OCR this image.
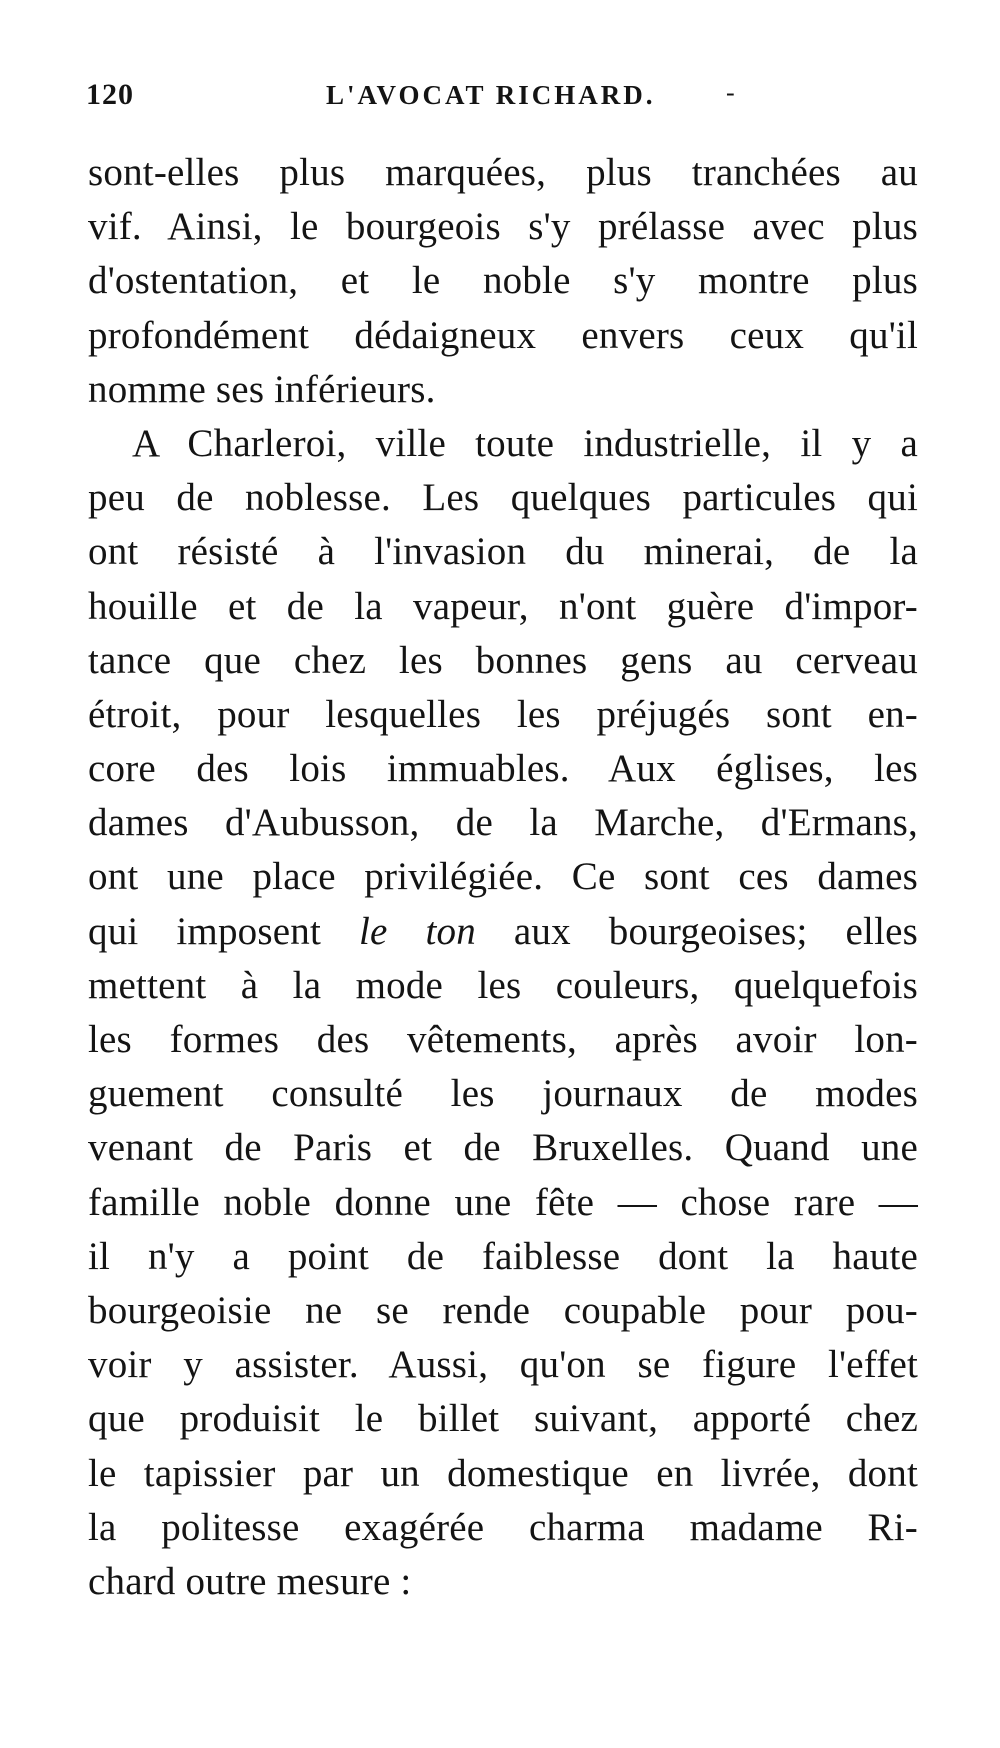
120	L'AVOCAT RICHARD.	-
sont-elles plus marquées, plus tranchées au
vif. Ainsi, le bourgeois s'y prélasse avec plus
d'ostentation, et le noble s'y montre plus
profondément dédaigneux envers ceux qu'il
nomme ses inférieurs.
A Charleroi, ville toute industrielle, il y a
peu de noblesse. Les quelques particules qui
ont résisté à l'invasion du minerai, de la
houille et de la vapeur, n'ont guère d'impor-
tance que chez les bonnes gens au cerveau
étroit, pour lesquelles les préjugés sont en-
core des lois immuables. Aux églises, les
dames d'Aubusson, de la Marche, d'Ermans,
ont une place privilégiée. Ce sont ces dames
qui imposent le ton aux bourgeoises; elles
mettent à la mode les couleurs, quelquefois
les formes des vêtements, après avoir lon-
guement consulté les journaux de modes
venant de Paris et de Bruxelles. Quand une
famille noble donne une fête — chose rare —
il n'y a point de faiblesse dont la haute
bourgeoisie ne se rende coupable pour pou-
voir y assister. Aussi, qu'on se figure l'effet
que produisit le billet suivant, apporté chez
le tapissier par un domestique en livrée, dont
la politesse exagérée charma madame Ri-
chard outre mesure :
